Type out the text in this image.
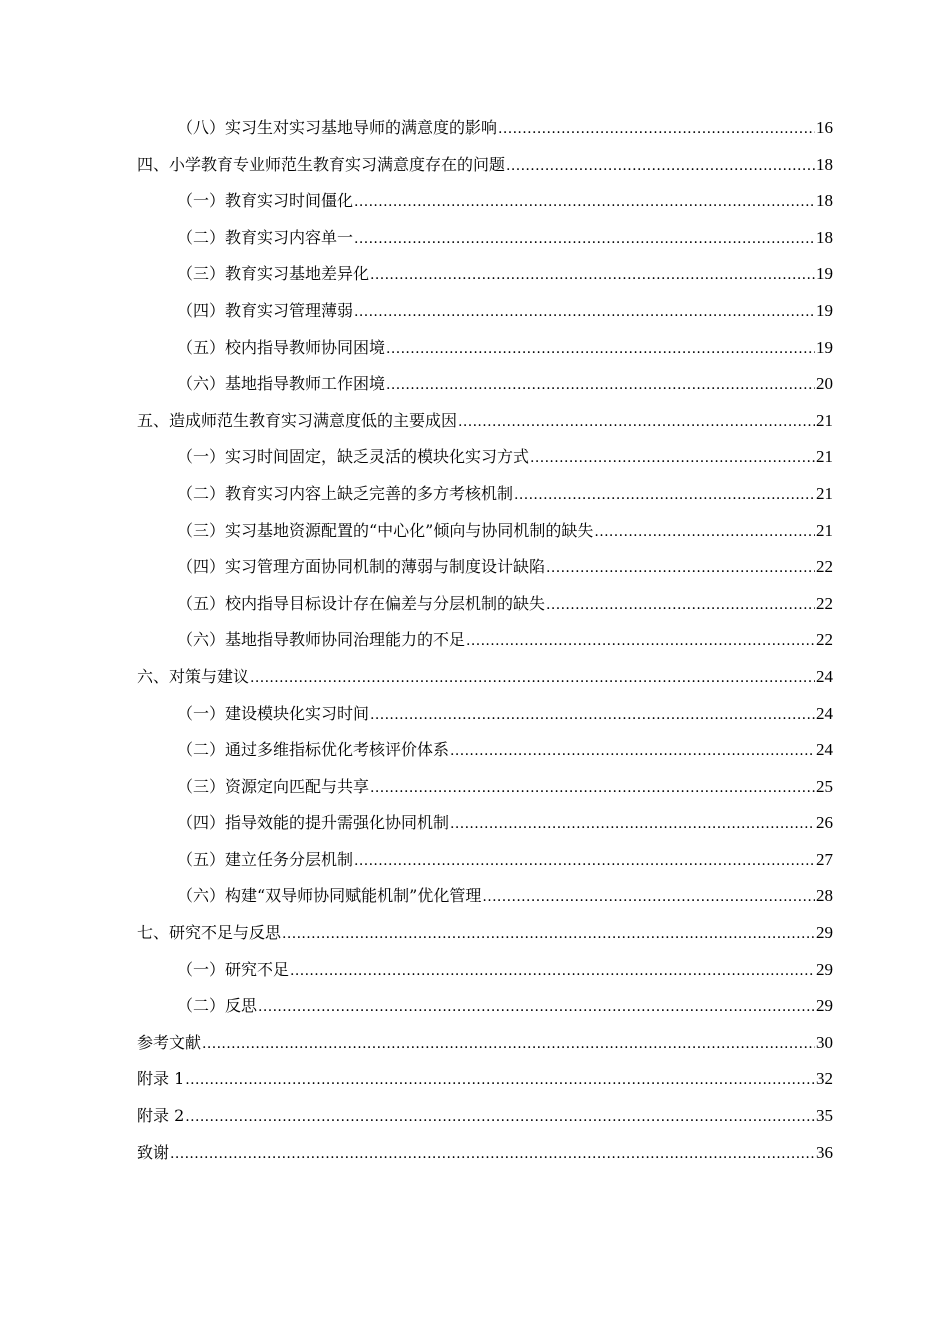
（八）实习生对实习基地导师的满意度的影响 .....	16
四、小学教育专业师范生教育实习满意度存在的问题 .....	18
（一）教育实习时间僵化 .....	18
（二）教育实习内容单一 .....	18
（三）教育实习基地差异化 .....	19
（四）教育实习管理薄弱 .....	19
（五）校内指导教师协同困境 .....	19
（六）基地指导教师工作困境 .....	20
五、造成师范生教育实习满意度低的主要成因 .....	21
（一）实习时间固定，缺乏灵活的模块化实习方式 .....	21
（二）教育实习内容上缺乏完善的多方考核机制 .....	21
（三）实习基地资源配置的“中心化”倾向与协同机制的缺失 .....	21
（四）实习管理方面协同机制的薄弱与制度设计缺陷 .....	22
（五）校内指导目标设计存在偏差与分层机制的缺失 .....	22
（六）基地指导教师协同治理能力的不足 .....	22
六、对策与建议 .....	24
（一）建设模块化实习时间 .....	24
（二）通过多维指标优化考核评价体系 .....	24
（三）资源定向匹配与共享 .....	25
（四）指导效能的提升需强化协同机制 .....	26
（五）建立任务分层机制 .....	27
（六）构建“双导师协同赋能机制”优化管理 .....	28
七、研究不足与反思 .....	29
（一）研究不足 .....	29
（二）反思 .....	29
参考文献 .....	30
附录 1 .....	32
附录 2 .....	35
致谢 .....	36
